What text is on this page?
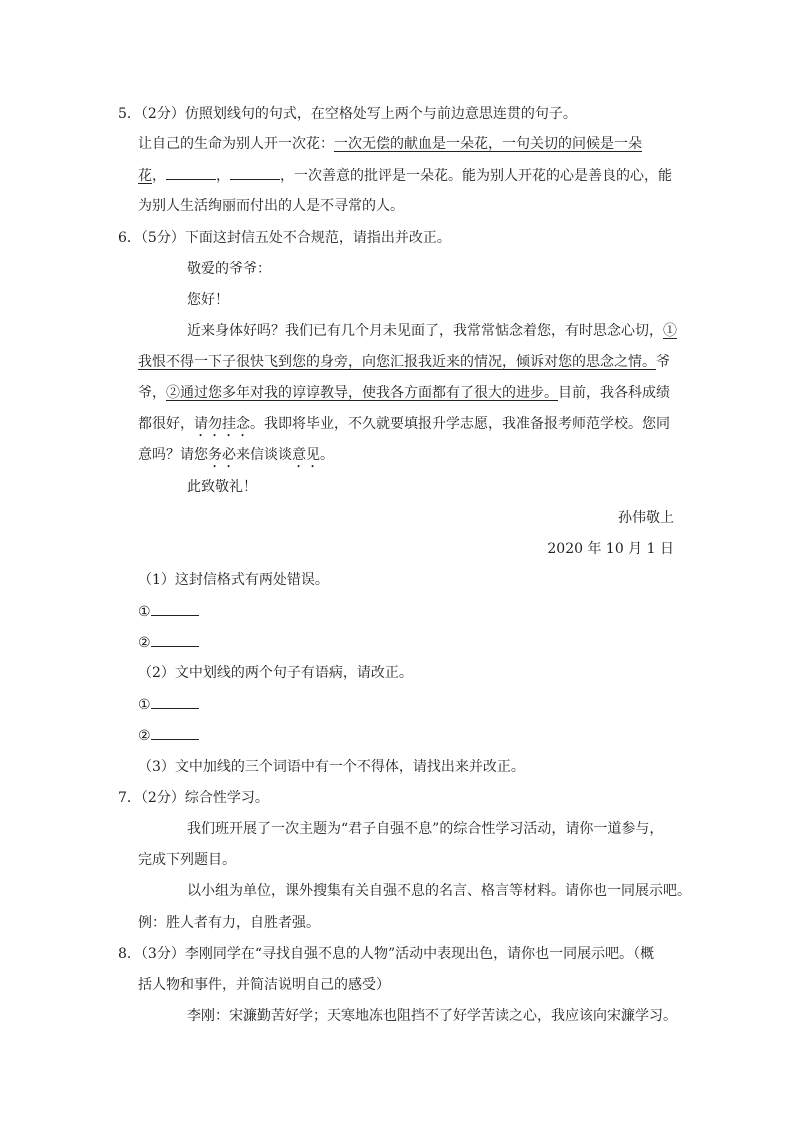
5．（2分）仿照划线句的句式，在空格处写上两个与前边意思连贯的句子。
让自己的生命为别人开一次花：一次无偿的献血是一朵花，一句关切的问候是一朵
花，	，	，一次善意的批评是一朵花。能为别人开花的心是善良的心，能
为别人生活绚丽而付出的人是不寻常的人。
6．（5分）下面这封信五处不合规范，请指出并改正。
敬爱的爷爷：
您好！
近来身体好吗？我们已有几个月未见面了，我常常惦念着您，有时思念心切，①
我恨不得一下子很快飞到您的身旁，向您汇报我近来的情况，倾诉对您的思念之情。爷
爷，②通过您多年对我的谆谆教导，使我各方面都有了很大的进步。目前，我各科成绩
都很好，请勿挂念。我即将毕业，不久就要填报升学志愿，我准备报考师范学校。您同
意吗？请您务必来信谈谈意见。
此致敬礼！
孙伟敬上
2020 年 10 月 1 日
（1）这封信格式有两处错误。
①
②
（2）文中划线的两个句子有语病，请改正。
①
②
（3）文中加线的三个词语中有一个不得体，请找出来并改正。
7．（2分）综合性学习。
我们班开展了一次主题为“君子自强不息”的综合性学习活动，请你一道参与，
完成下列题目。
以小组为单位，课外搜集有关自强不息的名言、格言等材料。请你也一同展示吧。
例：胜人者有力，自胜者强。
8．（3分）李刚同学在“寻找自强不息的人物”活动中表现出色，请你也一同展示吧。（概
括人物和事件，并简洁说明自己的感受）
李刚：宋濂勤苦好学；天寒地冻也阻挡不了好学苦读之心，我应该向宋濂学习。
